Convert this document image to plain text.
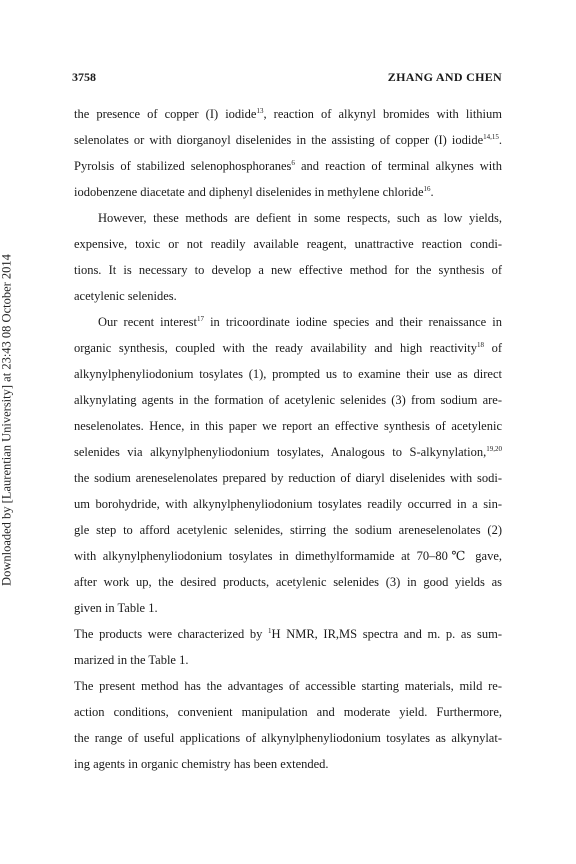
3758	ZHANG AND CHEN
Downloaded by [Laurentian University] at 23:43 08 October 2014
the presence of copper (I) iodide$^{13}$, reaction of alkynyl bromides with lithium
selenolates or with diorganoyl diselenides in the assisting of copper (I) iodide$^{14,15}$.
Pyrolsis of stabilized selenophosphoranes$^6$ and reaction of terminal alkynes with
iodobenzene diacetate and diphenyl diselenides in methylene chloride$^{16}$.
However, these methods are defient in some respects, such as low yields,
expensive, toxic or not readily available reagent, unattractive reaction condi-
tions. It is necessary to develop a new effective method for the synthesis of
acetylenic selenides.
Our recent interest$^{17}$ in tricoordinate iodine species and their renaissance in
organic synthesis, coupled with the ready availability and high reactivity$^{18}$ of
alkynylphenyliodonium tosylates (1), prompted us to examine their use as direct
alkynylating agents in the formation of acetylenic selenides (3) from sodium are-
neselenolates. Hence, in this paper we report an effective synthesis of acetylenic
selenides via alkynylphenyliodonium tosylates, Analogous to S-alkynylation,$^{19,20}$
the sodium areneselenolates prepared by reduction of diaryl diselenides with sodi-
um borohydride, with alkynylphenyliodonium tosylates readily occurred in a sin-
gle step to afford acetylenic selenides, stirring the sodium areneselenolates (2)
with alkynylphenyliodonium tosylates in dimethylformamide at 70–80℃ gave,
after work up, the desired products, acetylenic selenides (3) in good yields as
given in Table 1.
The products were characterized by $^1$H NMR, IR,MS spectra and m. p. as sum-
marized in the Table 1.
The present method has the advantages of accessible starting materials, mild re-
action conditions, convenient manipulation and moderate yield. Furthermore,
the range of useful applications of alkynylphenyliodonium tosylates as alkynylat-
ing agents in organic chemistry has been extended.
